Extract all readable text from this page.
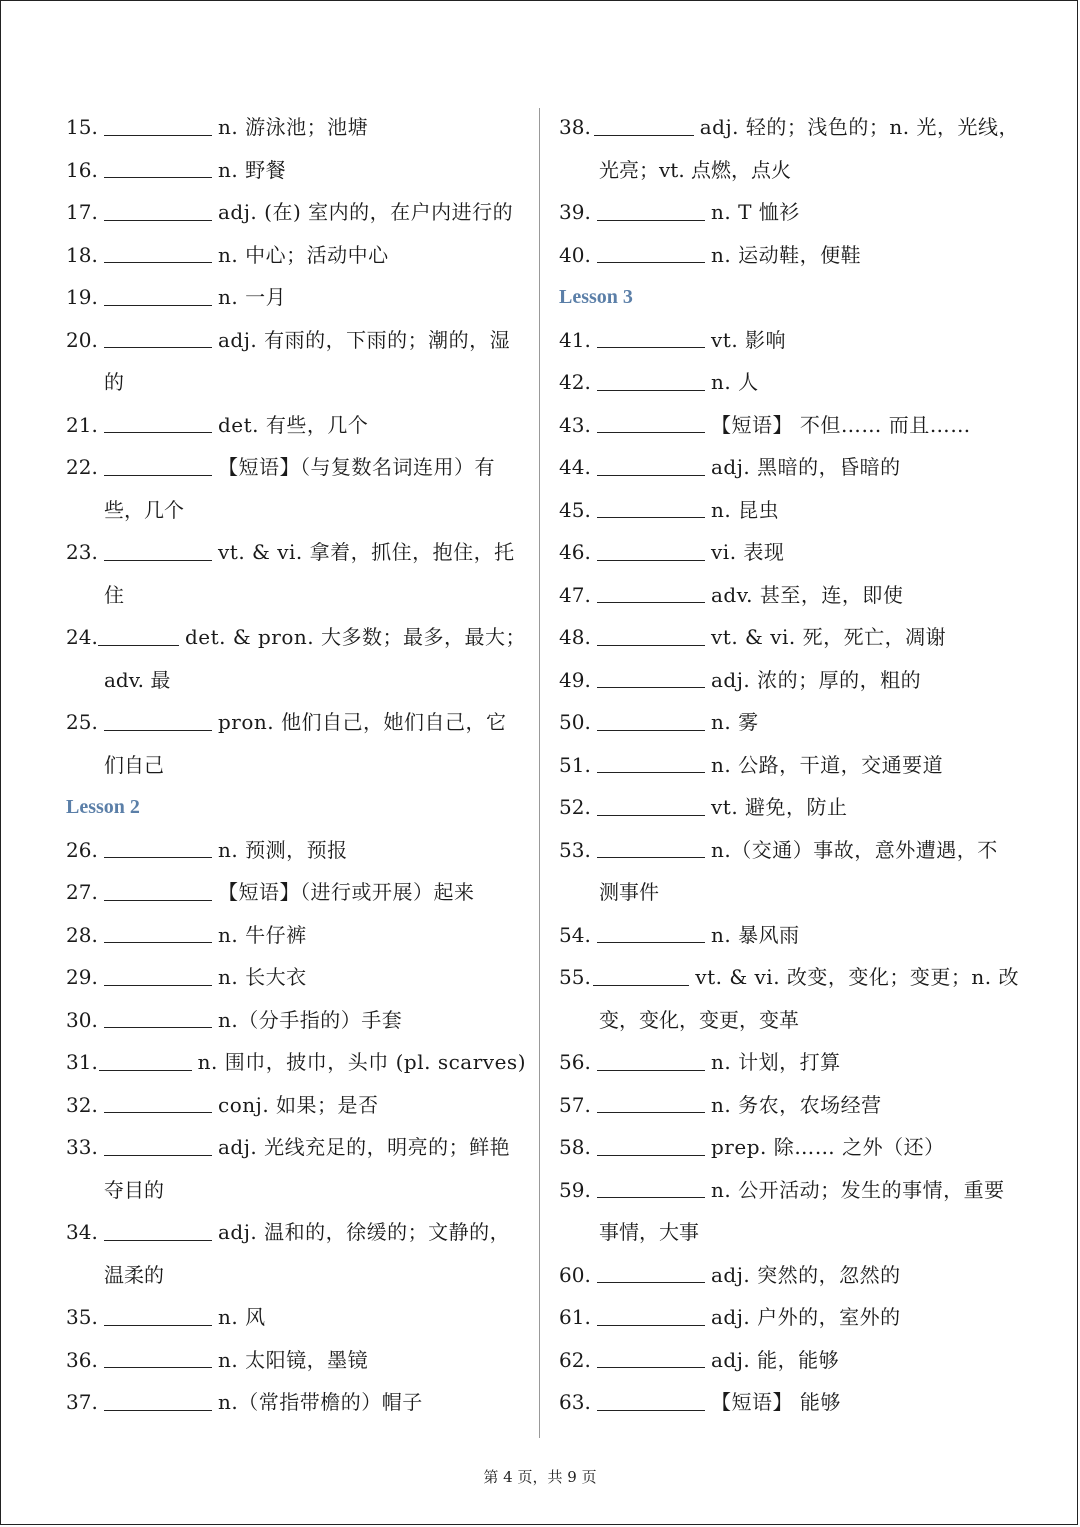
15.	n. 游泳池；池塘
16.	n. 野餐
17.	adj. (在) 室内的，在户内进行的
18.	n. 中心；活动中心
19.	n. 一月
20.	adj. 有雨的，下雨的；潮的，湿
的
21.	det. 有些，几个
22.	【短语】（与复数名词连用）有
些，几个
23.	vt. & vi. 拿着，抓住，抱住，托
住
24.	det. & pron. 大多数；最多，最大；
adv. 最
25.	pron. 他们自己，她们自己，它
们自己
Lesson 2
26.	n. 预测，预报
27.	【短语】（进行或开展）起来
28.	n. 牛仔裤
29.	n. 长大衣
30.	n.（分手指的）手套
31.	n. 围巾，披巾，头巾 (pl. scarves)
32.	conj. 如果；是否
33.	adj. 光线充足的，明亮的；鲜艳
夺目的
34.	adj. 温和的，徐缓的；文静的，
温柔的
35.	n. 风
36.	n. 太阳镜，墨镜
37.	n.（常指带檐的）帽子
38.	adj. 轻的；浅色的；n. 光，光线，
光亮；vt. 点燃，点火
39.	n. T 恤衫
40.	n. 运动鞋，便鞋
Lesson 3
41.	vt. 影响
42.	n. 人
43.	【短语】 不但…… 而且……
44.	adj. 黑暗的，昏暗的
45.	n. 昆虫
46.	vi. 表现
47.	adv. 甚至，连，即使
48.	vt. & vi. 死，死亡，凋谢
49.	adj. 浓的；厚的，粗的
50.	n. 雾
51.	n. 公路，干道，交通要道
52.	vt. 避免，防止
53.	n.（交通）事故，意外遭遇，不
测事件
54.	n. 暴风雨
55.	vt. & vi. 改变，变化；变更；n. 改
变，变化，变更，变革
56.	n. 计划，打算
57.	n. 务农，农场经营
58.	prep. 除…… 之外（还）
59.	n. 公开活动；发生的事情，重要
事情，大事
60.	adj. 突然的，忽然的
61.	adj. 户外的，室外的
62.	adj. 能，能够
63.	【短语】 能够
第 4 页，共 9 页
